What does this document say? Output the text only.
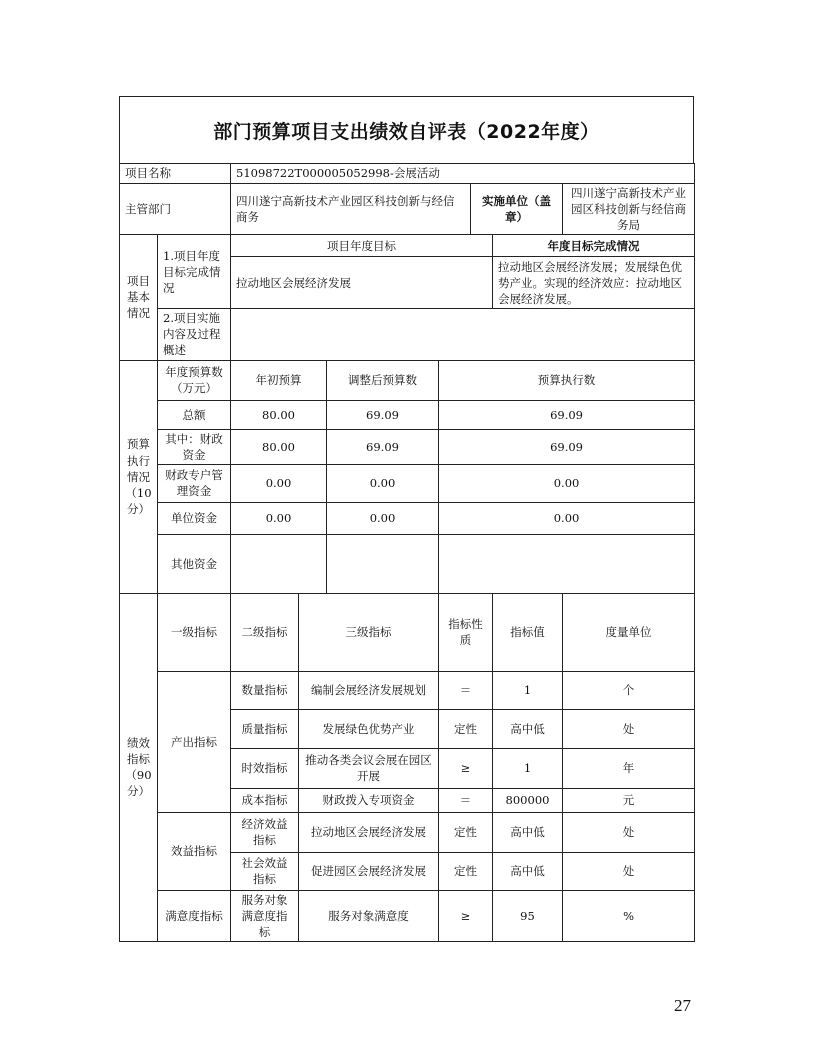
部门预算项目支出绩效自评表（2022年度）
项目名称		51098722T000005052998-会展活动						
主管部门		四川遂宁高新技术产业园区科技创新与经信商务				实施单位（盖章）		四川遂宁高新技术产业园区科技创新与经信商务局
项目基本情况	1.项目年度目标完成情况	项目年度目标					年度目标完成情况	
		拉动地区会展经济发展					拉动地区会展经济发展；发展绿色优势产业。实现的经济效应：拉动地区会展经济发展。	
	2.项目实施内容及过程概述							
预算执行情况（10分）	年度预算数（万元）	年初预算		调整后预算数	预算执行数			
	总额	80.00		69.09	69.09			
	其中：财政资金	80.00		69.09	69.09			
	财政专户管理资金	0.00		0.00	0.00			
	单位资金	0.00		0.00	0.00			
	其他资金							
绩效指标（90分）	一级指标	二级指标	三级指标		指标性质		指标值	度量单位
	产出指标	数量指标	编制会展经济发展规划		＝		1	个
		质量指标	发展绿色优势产业		定性		高中低	处
		时效指标	推动各类会议会展在园区开展		≥		1	年
		成本指标	财政拨入专项资金		＝		800000	元
	效益指标	经济效益指标	拉动地区会展经济发展		定性		高中低	处
		社会效益指标	促进园区会展经济发展		定性		高中低	处
	满意度指标	服务对象满意度指标	服务对象满意度		≥		95	%
27
